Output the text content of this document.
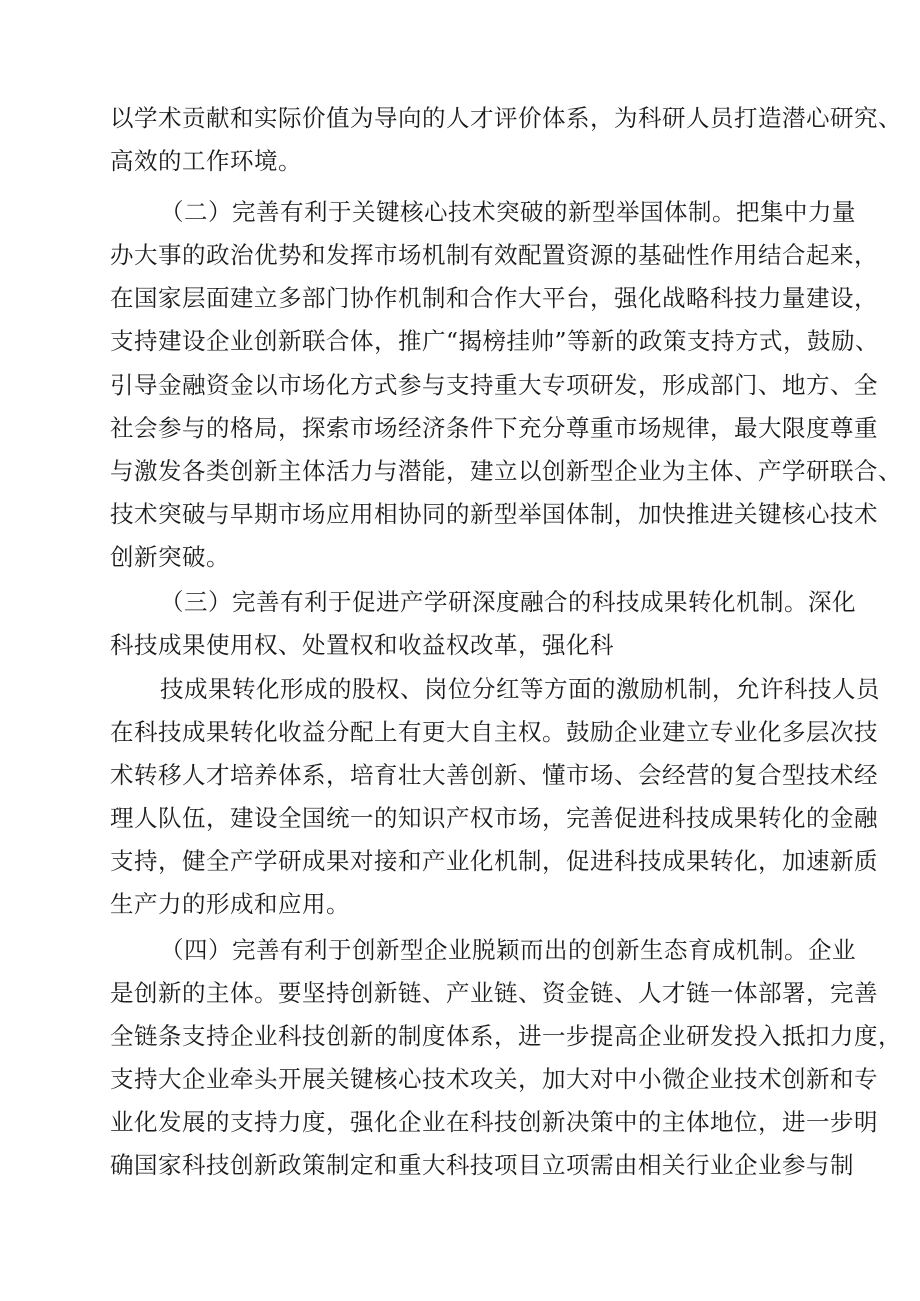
以学术贡献和实际价值为导向的人才评价体系，为科研人员打造潜心研究、
高效的工作环境。
（二）完善有利于关键核心技术突破的新型举国体制。把集中力量
办大事的政治优势和发挥市场机制有效配置资源的基础性作用结合起来，
在国家层面建立多部门协作机制和合作大平台，强化战略科技力量建设，
支持建设企业创新联合体，推广“揭榜挂帅”等新的政策支持方式，鼓励、
引导金融资金以市场化方式参与支持重大专项研发，形成部门、地方、全
社会参与的格局，探索市场经济条件下充分尊重市场规律，最大限度尊重
与激发各类创新主体活力与潜能，建立以创新型企业为主体、产学研联合、
技术突破与早期市场应用相协同的新型举国体制，加快推进关键核心技术
创新突破。
（三）完善有利于促进产学研深度融合的科技成果转化机制。深化
科技成果使用权、处置权和收益权改革，强化科
技成果转化形成的股权、岗位分红等方面的激励机制，允许科技人员
在科技成果转化收益分配上有更大自主权。鼓励企业建立专业化多层次技
术转移人才培养体系，培育壮大善创新、懂市场、会经营的复合型技术经
理人队伍，建设全国统一的知识产权市场，完善促进科技成果转化的金融
支持，健全产学研成果对接和产业化机制，促进科技成果转化，加速新质
生产力的形成和应用。
（四）完善有利于创新型企业脱颖而出的创新生态育成机制。企业
是创新的主体。要坚持创新链、产业链、资金链、人才链一体部署，完善
全链条支持企业科技创新的制度体系，进一步提高企业研发投入抵扣力度，
支持大企业牵头开展关键核心技术攻关，加大对中小微企业技术创新和专
业化发展的支持力度，强化企业在科技创新决策中的主体地位，进一步明
确国家科技创新政策制定和重大科技项目立项需由相关行业企业参与制
